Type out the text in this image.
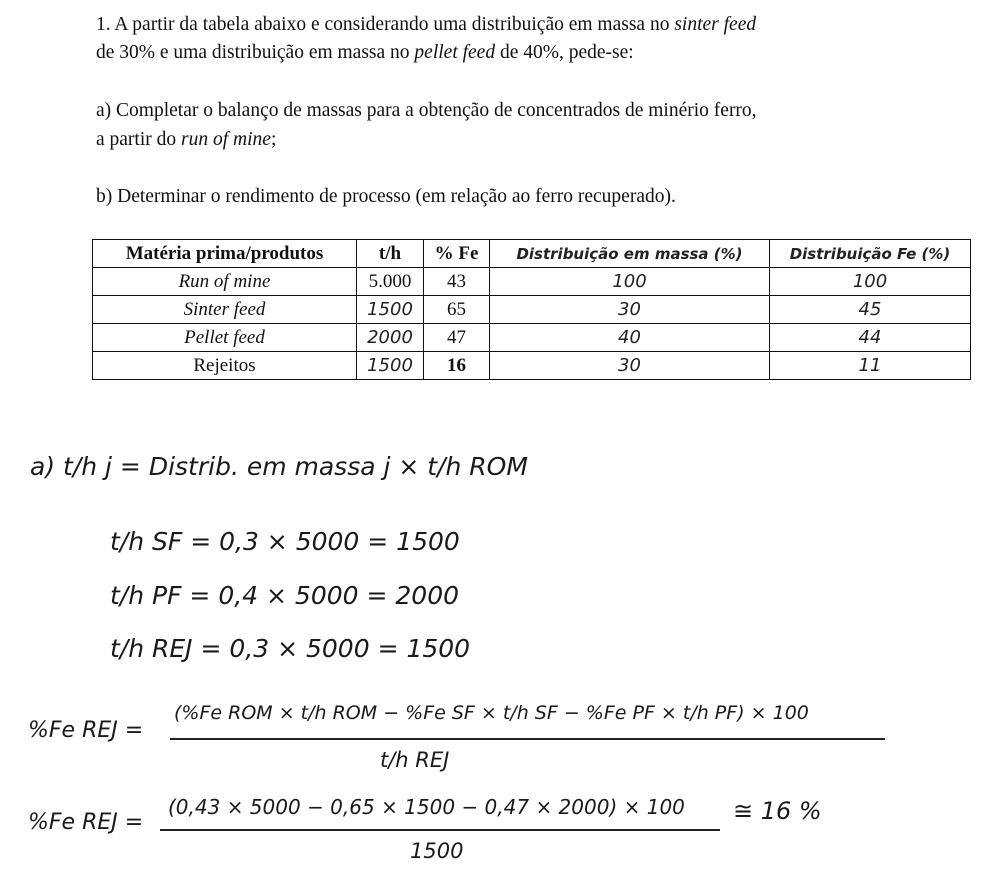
1. A partir da tabela abaixo e considerando uma distribuição em massa no sinter feed

de 30% e uma distribuição em massa no pellet feed de 40%, pede-se:

a) Completar o balanço de massas para a obtenção de concentrados de minério ferro,

a partir do run of mine;

b) Determinar o rendimento de processo (em relação ao ferro recuperado).

Matéria prima/produtos	t/h	% Fe	Distribuição em massa (%)	Distribuição Fe (%)
Run of mine	5.000	43	100	100
Sinter feed	1500	65	30	45
Pellet feed	2000	47	40	44
Rejeitos	1500	16	30	11

a) t/h j = Distrib. em massa j × t/h ROM

t/h SF = 0,3 × 5000 = 1500

t/h PF = 0,4 × 5000 = 2000

t/h REJ = 0,3 × 5000 = 1500

%Fe REJ =

(%Fe ROM × t/h ROM − %Fe SF × t/h SF − %Fe PF × t/h PF) × 100
t/h REJ

%Fe REJ =

(0,43 × 5000 − 0,65 × 1500 − 0,47 × 2000) × 100
1500

≅ 16 %
